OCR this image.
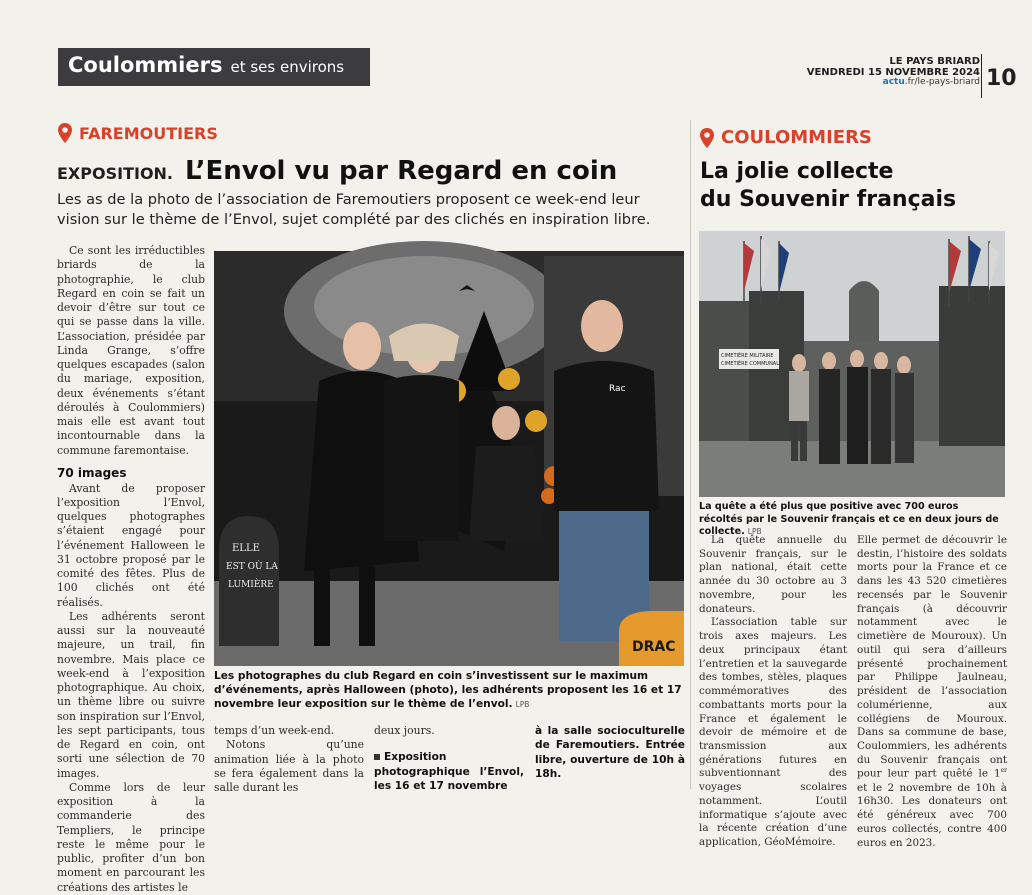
Coulommiers et ses environs	LE PAYS BRIARD
VENDREDI 15 NOVEMBRE 2024
actu.fr/le-pays-briard 10
FAREMOUTIERS
EXPOSITION. L’Envol vu par Regard en coin
Les as de la photo de l’association de Faremoutiers proposent ce week-end leur vision sur le thème de l’Envol, sujet complété par des clichés en inspiration libre.

Ce sont les irréductibles briards de la photographie, le club Regard en coin se fait un devoir d’être sur tout ce qui se passe dans la ville. L’association, présidée par Linda Grange, s’offre quelques escapades (salon du mariage, exposition, deux événements s’étant déroulés à Coulommiers) mais elle est avant tout incontournable dans la commune faremontaise.

70 images

Avant de proposer l’exposition l’Envol, quelques photographes s’étaient engagé pour l’événement Halloween le 31 octobre proposé par le comité des fêtes. Plus de 100 clichés ont été réalisés.

Les adhérents seront aussi sur la nouveauté majeure, un trail, fin novembre. Mais place ce week-end à l’exposition photographique. Au choix, un thème libre ou suivre son inspiration sur l’Envol, les sept participants, tous de Regard en coin, ont sorti une sélection de 70 images.

Comme lors de leur exposition à la commanderie des Templiers, le principe reste le même pour le public, profiter d’un bon moment en parcourant les créations des artistes le

Rac
ELLE
EST OÙ LA
LUMIÈRE
DRAC
Les photographes du club Regard en coin s’investissent sur le maximum d’événements, après Halloween (photo), les adhérents proposent les 16 et 17 novembre leur exposition sur le thème de l’envol. LPB

temps d’un week-end.

Notons qu’une animation liée à la photo se fera également dans la salle durant les

deux jours.

Exposition photographique l’Envol, les 16 et 17 novembre

à la salle socioculturelle de Faremoutiers. Entrée libre, ouverture de 10h à 18h.

COULOMMIERS
La jolie collecte
du Souvenir français
CIMETIÈRE MILITAIRE
CIMETIÈRE COMMUNAL
La quête a été plus que positive avec 700 euros récoltés par le Souvenir français et ce en deux jours de collecte. LPB

La quête annuelle du Souvenir français, sur le plan national, était cette année du 30 octobre au 3 novembre, pour les donateurs.

L’association table sur trois axes majeurs. Les deux principaux étant l’entretien et la sauvegarde des tombes, stèles, plaques commémoratives des combattants morts pour la France et également le devoir de mémoire et de transmission aux générations futures en subventionnant des voyages scolaires notamment. L’outil informatique s’ajoute avec la récente création d’une application, GéoMémoire.

Elle permet de découvrir le destin, l’histoire des soldats morts pour la France et ce dans les 43 520 cimetières recensés par le Souvenir français (à découvrir notamment avec le cimetière de Mouroux). Un outil qui sera d’ailleurs présenté prochainement par Philippe Jaulneau, président de l’association columérienne, aux collégiens de Mouroux. Dans sa commune de base, Coulommiers, les adhérents du Souvenir français ont pour leur part quêté le 1er et le 2 novembre de 10h à 16h30. Les donateurs ont été généreux avec 700 euros collectés, contre 400 euros en 2023.
